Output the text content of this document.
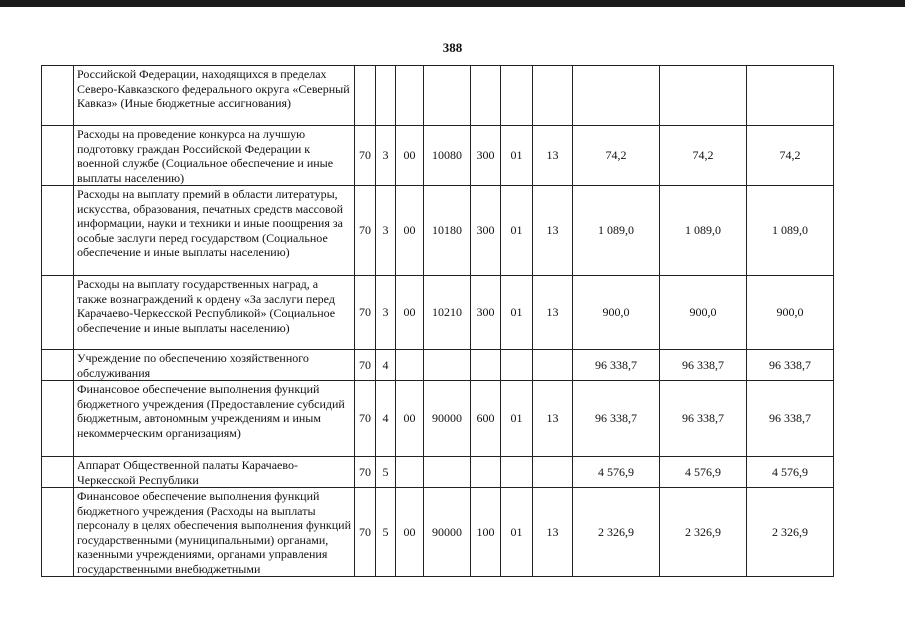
388
	Российской Федерации, находящихся в пределах Северо-Кавказского федерального округа «Северный Кавказ» (Иные бюджетные ассигнования)										
	Расходы на проведение конкурса на лучшую подготовку граждан Российской Федерации к военной службе (Социальное обеспечение и иные выплаты населению)	70	3	00	10080	300	01	13	74,2	74,2	74,2
	Расходы на выплату премий в области литературы, искусства, образования, печатных средств массовой информации, науки и техники и иные поощрения за особые заслуги перед государством (Социальное обеспечение и иные выплаты населению)	70	3	00	10180	300	01	13	1 089,0	1 089,0	1 089,0
	Расходы на выплату государственных наград, а также вознаграждений к ордену «За заслуги перед Карачаево-Черкесской Республикой» (Социальное обеспечение и иные выплаты населению)	70	3	00	10210	300	01	13	900,0	900,0	900,0
	Учреждение по обеспечению хозяйственного обслуживания	70	4						96 338,7	96 338,7	96 338,7
	Финансовое обеспечение выполнения функций бюджетного учреждения (Предоставление субсидий бюджетным, автономным учреждениям и иным некоммерческим организациям)	70	4	00	90000	600	01	13	96 338,7	96 338,7	96 338,7
	Аппарат Общественной палаты Карачаево-Черкесской Республики	70	5						4 576,9	4 576,9	4 576,9
	Финансовое обеспечение выполнения функций бюджетного учреждения (Расходы на выплаты персоналу в целях обеспечения выполнения функций государственными (муниципальными) органами, казенными учреждениями, органами управления государственными внебюджетными	70	5	00	90000	100	01	13	2 326,9	2 326,9	2 326,9
